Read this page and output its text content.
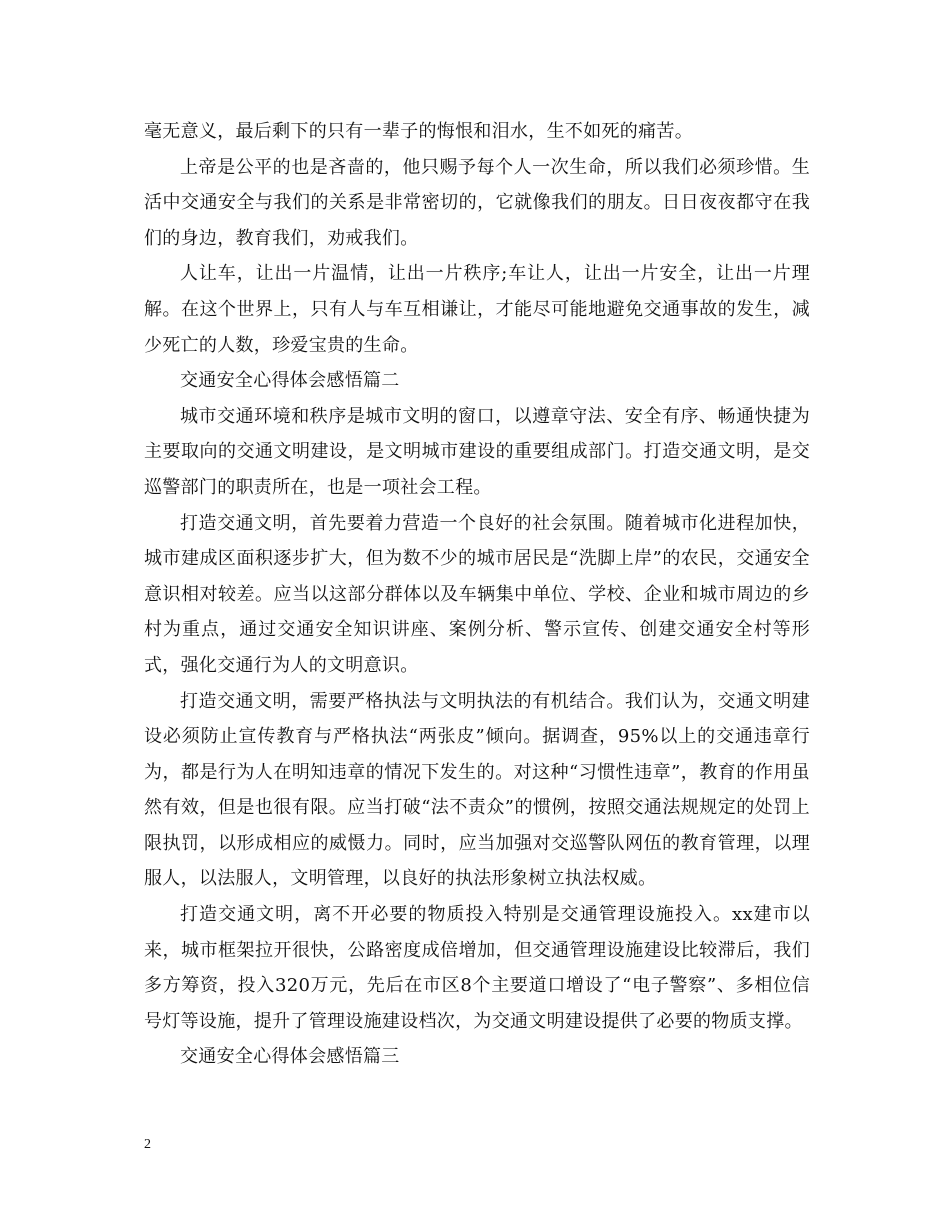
毫无意义，最后剩下的只有一辈子的悔恨和泪水，生不如死的痛苦。

上帝是公平的也是吝啬的，他只赐予每个人一次生命，所以我们必须珍惜。生活中交通安全与我们的关系是非常密切的，它就像我们的朋友。日日夜夜都守在我们的身边，教育我们，劝戒我们。

人让车，让出一片温情，让出一片秩序;车让人，让出一片安全，让出一片理解。在这个世界上，只有人与车互相谦让，才能尽可能地避免交通事故的发生，减少死亡的人数，珍爱宝贵的生命。

交通安全心得体会感悟篇二

城市交通环境和秩序是城市文明的窗口，以遵章守法、安全有序、畅通快捷为主要取向的交通文明建设，是文明城市建设的重要组成部门。打造交通文明，是交巡警部门的职责所在，也是一项社会工程。

打造交通文明，首先要着力营造一个良好的社会氛围。随着城市化进程加快，城市建成区面积逐步扩大，但为数不少的城市居民是“洗脚上岸”的农民，交通安全意识相对较差。应当以这部分群体以及车辆集中单位、学校、企业和城市周边的乡村为重点，通过交通安全知识讲座、案例分析、警示宣传、创建交通安全村等形式，强化交通行为人的文明意识。

打造交通文明，需要严格执法与文明执法的有机结合。我们认为，交通文明建设必须防止宣传教育与严格执法“两张皮”倾向。据调查，95%以上的交通违章行为，都是行为人在明知违章的情况下发生的。对这种“习惯性违章”，教育的作用虽然有效，但是也很有限。应当打破“法不责众”的惯例，按照交通法规规定的处罚上限执罚，以形成相应的威慑力。同时，应当加强对交巡警队网伍的教育管理，以理服人，以法服人，文明管理，以良好的执法形象树立执法权威。

打造交通文明，离不开必要的物质投入特别是交通管理设施投入。xx建市以来，城市框架拉开很快，公路密度成倍增加，但交通管理设施建设比较滞后，我们多方筹资，投入320万元，先后在市区8个主要道口增设了“电子警察”、多相位信号灯等设施，提升了管理设施建设档次，为交通文明建设提供了必要的物质支撑。

交通安全心得体会感悟篇三

2
